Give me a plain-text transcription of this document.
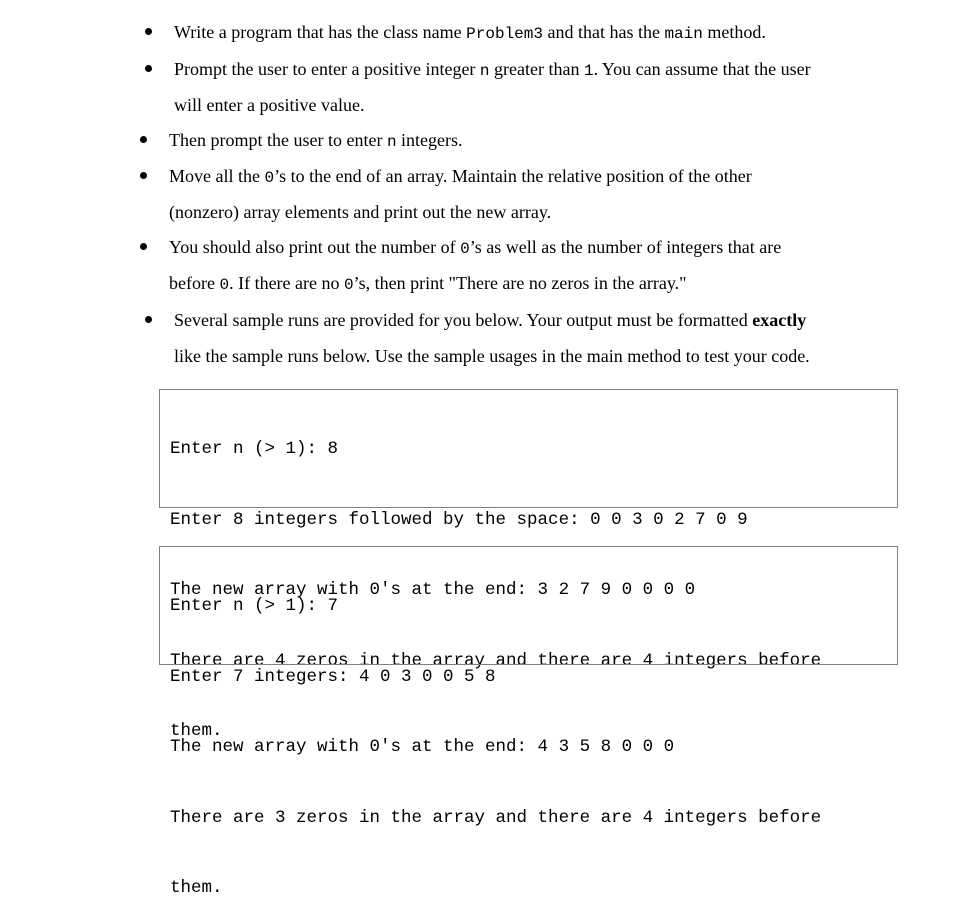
Write a program that has the class name Problem3 and that has the main method.
Prompt the user to enter a positive integer n greater than 1. You can assume that the user
will enter a positive value.
Then prompt the user to enter n integers.
Move all the 0’s to the end of an array. Maintain the relative position of the other
(nonzero) array elements and print out the new array.
You should also print out the number of 0’s as well as the number of integers that are
before 0. If there are no 0’s, then print "There are no zeros in the array."
Several sample runs are provided for you below. Your output must be formatted exactly
like the sample runs below. Use the sample usages in the main method to test your code.

Enter n (> 1): 8

Enter 8 integers followed by the space: 0 0 3 0 2 7 0 9

The new array with 0's at the end: 3 2 7 9 0 0 0 0

There are 4 zeros in the array and there are 4 integers before

them.

Enter n (> 1): 7

Enter 7 integers: 4 0 3 0 0 5 8

The new array with 0's at the end: 4 3 5 8 0 0 0

There are 3 zeros in the array and there are 4 integers before

them.
